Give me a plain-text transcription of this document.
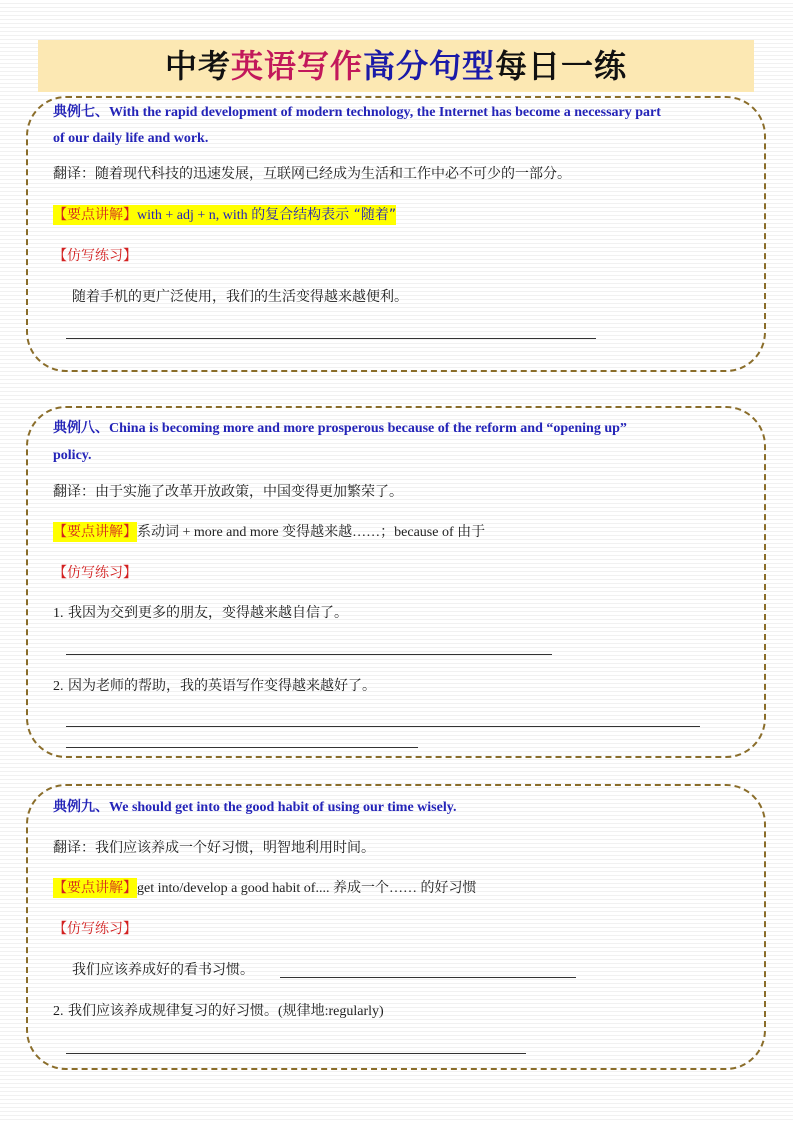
中考英语写作高分句型每日一练
典例七、With the rapid development of modern technology, the Internet has become a necessary part
of our daily life and work.
翻译：随着现代科技的迅速发展，互联网已经成为生活和工作中必不可少的一部分。
【要点讲解】with + adj + n, with 的复合结构表示 “随着”
【仿写练习】
随着手机的更广泛使用，我们的生活变得越来越便利。
典例八、China is becoming more and more prosperous because of the reform and “opening up”
policy.
翻译：由于实施了改革开放政策，中国变得更加繁荣了。
【要点讲解】系动词 + more and more 变得越来越……；because of 由于
【仿写练习】
1. 我因为交到更多的朋友，变得越来越自信了。
2. 因为老师的帮助，我的英语写作变得越来越好了。
典例九、We should get into the good habit of using our time wisely.
翻译：我们应该养成一个好习惯，明智地利用时间。
【要点讲解】get into/develop a good habit of.... 养成一个…… 的好习惯
【仿写练习】
我们应该养成好的看书习惯。
2. 我们应该养成规律复习的好习惯。(规律地:regularly)
